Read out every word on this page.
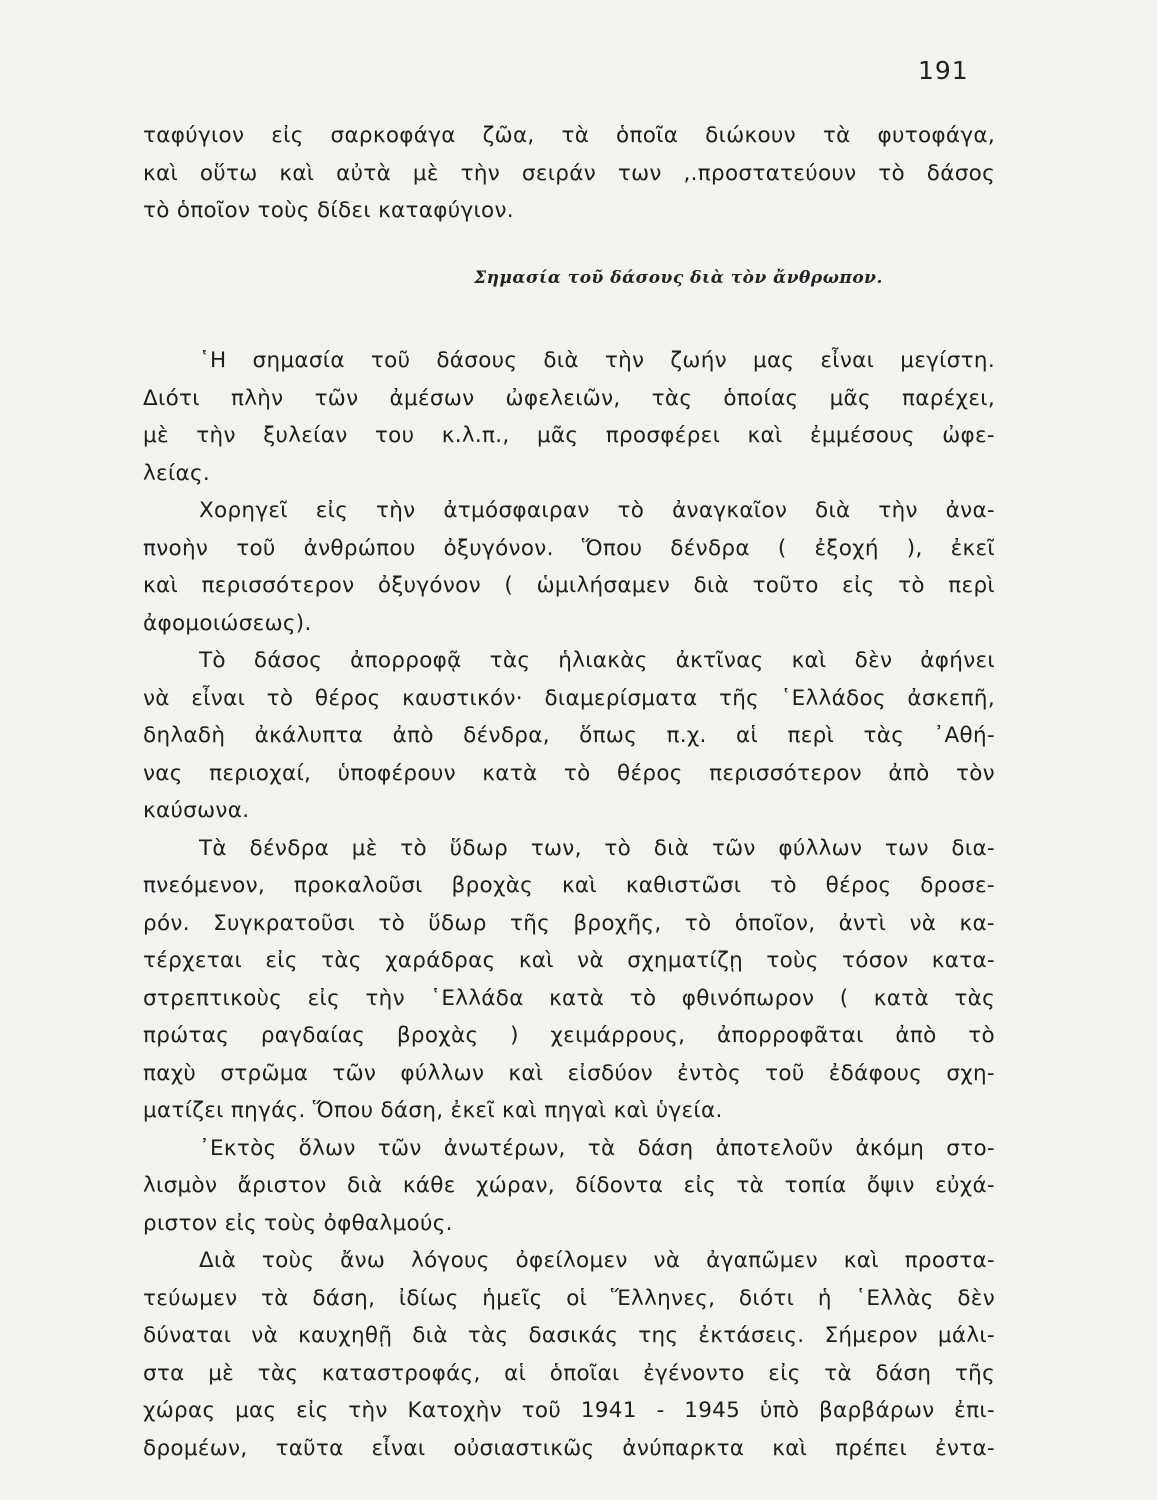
191
ταφύγιον εἰς σαρκοφάγα ζῶα, τὰ ὁποῖα διώκουν τὰ φυτοφάγα,
καὶ οὕτω καὶ αὐτὰ μὲ τὴν σειράν των ,.προστατεύουν τὸ δάσος
τὸ ὁποῖον τοὺς δίδει καταφύγιον.
Σημασία τοῦ δάσους διὰ τὸν ἄνθρωπον.
῾Η σημασία τοῦ δάσους διὰ τὴν ζωήν μας εἶναι μεγίστη.
Διότι πλὴν τῶν ἀμέσων ὠφελειῶν, τὰς ὁποίας μᾶς παρέχει,
μὲ τὴν ξυλείαν του κ.λ.π., μᾶς προσφέρει καὶ ἐμμέσους ὠφε-
λείας.
Χορηγεῖ εἰς τὴν ἀτμόσφαιραν τὸ ἀναγκαῖον διὰ τὴν ἀνα-
πνοὴν τοῦ ἀνθρώπου ὀξυγόνον. Ὅπου δένδρα ( ἐξοχή ), ἐκεῖ
καὶ περισσότερον ὀξυγόνον ( ὡμιλήσαμεν διὰ τοῦτο εἰς τὸ περὶ
ἀφομοιώσεως).
Τὸ δάσος ἀπορροφᾷ τὰς ἡλιακὰς ἀκτῖνας καὶ δὲν ἀφήνει
νὰ εἶναι τὸ θέρος καυστικόν· διαμερίσματα τῆς ῾Ελλάδος ἀσκεπῆ,
δηλαδὴ ἀκάλυπτα ἀπὸ δένδρα, ὅπως π.χ. αἱ περὶ τὰς ᾽Αθή-
νας περιοχαί, ὑποφέρουν κατὰ τὸ θέρος περισσότερον ἀπὸ τὸν
καύσωνα.
Τὰ δένδρα μὲ τὸ ὕδωρ των, τὸ διὰ τῶν φύλλων των δια-
πνεόμενον, προκαλοῦσι βροχὰς καὶ καθιστῶσι τὸ θέρος δροσε-
ρόν. Συγκρατοῦσι τὸ ὕδωρ τῆς βροχῆς, τὸ ὁποῖον, ἀντὶ νὰ κα-
τέρχεται εἰς τὰς χαράδρας καὶ νὰ σχηματίζῃ τοὺς τόσον κατα-
στρεπτικοὺς εἰς τὴν ῾Ελλάδα κατὰ τὸ φθινόπωρον ( κατὰ τὰς
πρώτας ραγδαίας βροχὰς ) χειμάρρους, ἀπορροφᾶται ἀπὸ τὸ
παχὺ στρῶμα τῶν φύλλων καὶ εἰσδύον ἐντὸς τοῦ ἐδάφους σχη-
ματίζει πηγάς. Ὅπου δάση, ἐκεῖ καὶ πηγαὶ καὶ ὑγεία.
᾽Εκτὸς ὅλων τῶν ἀνωτέρων, τὰ δάση ἀποτελοῦν ἀκόμη στο-
λισμὸν ἄριστον διὰ κάθε χώραν, δίδοντα εἰς τὰ τοπία ὄψιν εὐχά-
ριστον εἰς τοὺς ὀφθαλμούς.
Διὰ τοὺς ἄνω λόγους ὀφείλομεν νὰ ἀγαπῶμεν καὶ προστα-
τεύωμεν τὰ δάση, ἰδίως ἡμεῖς οἱ Ἕλληνες, διότι ἡ ῾Ελλὰς δὲν
δύναται νὰ καυχηθῇ διὰ τὰς δασικάς της ἐκτάσεις. Σήμερον μάλι-
στα μὲ τὰς καταστροφάς, αἱ ὁποῖαι ἐγένοντο εἰς τὰ δάση τῆς
χώρας μας εἰς τὴν Κατοχὴν τοῦ 1941 - 1945 ὑπὸ βαρβάρων ἐπι-
δρομέων, ταῦτα εἶναι οὐσιαστικῶς ἀνύπαρκτα καὶ πρέπει ἐντα-
